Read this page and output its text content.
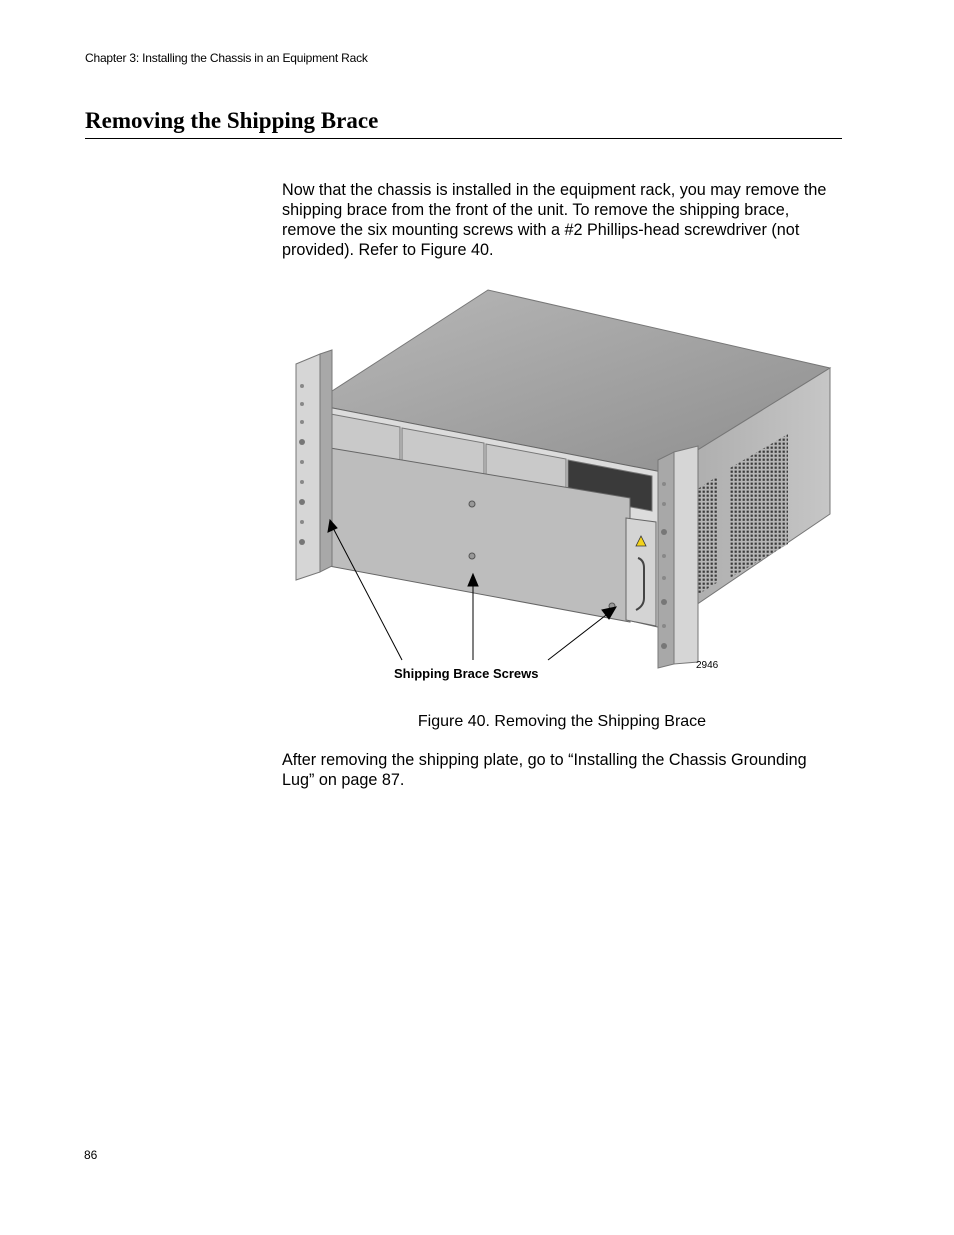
Chapter 3: Installing the Chassis in an Equipment Rack
Removing the Shipping Brace

Now that the chassis is installed in the equipment rack, you may remove the shipping brace from the front of the unit. To remove the shipping brace, remove the six mounting screws with a #2 Phillips-head screwdriver (not provided). Refer to Figure 40.

Shipping Brace Screws
2946
Figure 40. Removing the Shipping Brace

After removing the shipping plate, go to “Installing the Chassis Grounding Lug” on page 87.

86
